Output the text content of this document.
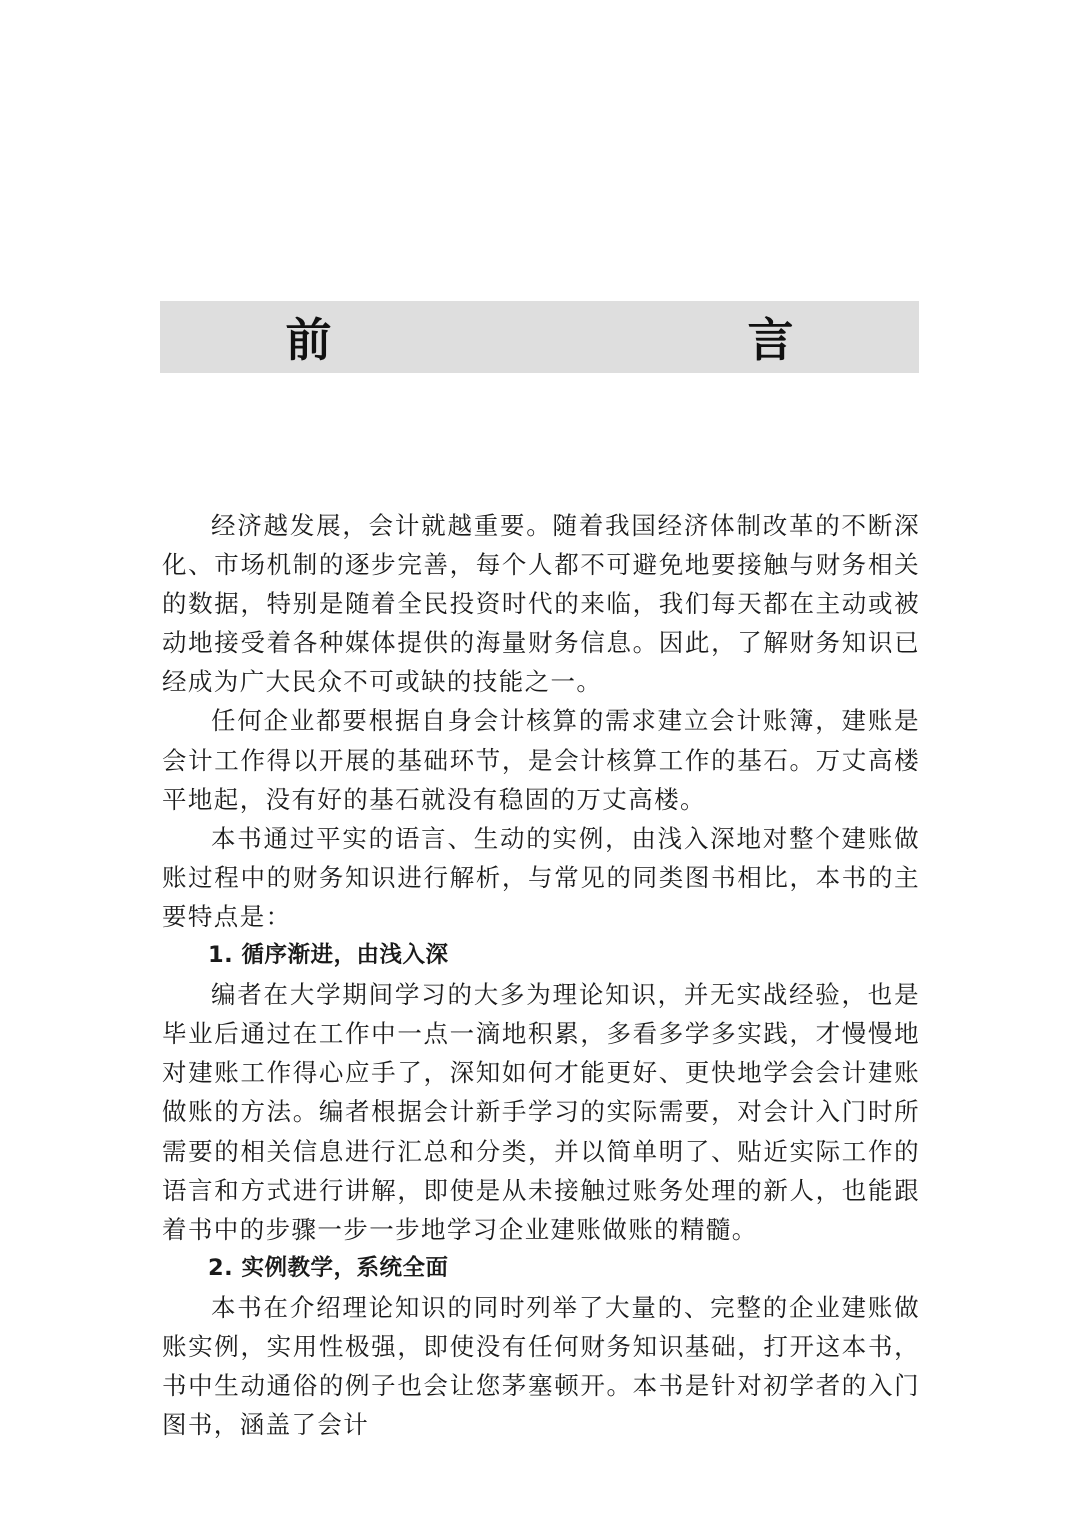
前　　言

经济越发展，会计就越重要。随着我国经济体制改革的不断深化、市场机制的逐步完善，每个人都不可避免地要接触与财务相关的数据，特别是随着全民投资时代的来临，我们每天都在主动或被动地接受着各种媒体提供的海量财务信息。因此，了解财务知识已经成为广大民众不可或缺的技能之一。

任何企业都要根据自身会计核算的需求建立会计账簿，建账是会计工作得以开展的基础环节，是会计核算工作的基石。万丈高楼平地起，没有好的基石就没有稳固的万丈高楼。

本书通过平实的语言、生动的实例，由浅入深地对整个建账做账过程中的财务知识进行解析，与常见的同类图书相比，本书的主要特点是：

1. 循序渐进，由浅入深

编者在大学期间学习的大多为理论知识，并无实战经验，也是毕业后通过在工作中一点一滴地积累，多看多学多实践，才慢慢地对建账工作得心应手了，深知如何才能更好、更快地学会会计建账做账的方法。编者根据会计新手学习的实际需要，对会计入门时所需要的相关信息进行汇总和分类，并以简单明了、贴近实际工作的语言和方式进行讲解，即使是从未接触过账务处理的新人，也能跟着书中的步骤一步一步地学习企业建账做账的精髓。

2. 实例教学，系统全面

本书在介绍理论知识的同时列举了大量的、完整的企业建账做账实例，实用性极强，即使没有任何财务知识基础，打开这本书，书中生动通俗的例子也会让您茅塞顿开。本书是针对初学者的入门图书，涵盖了会计
